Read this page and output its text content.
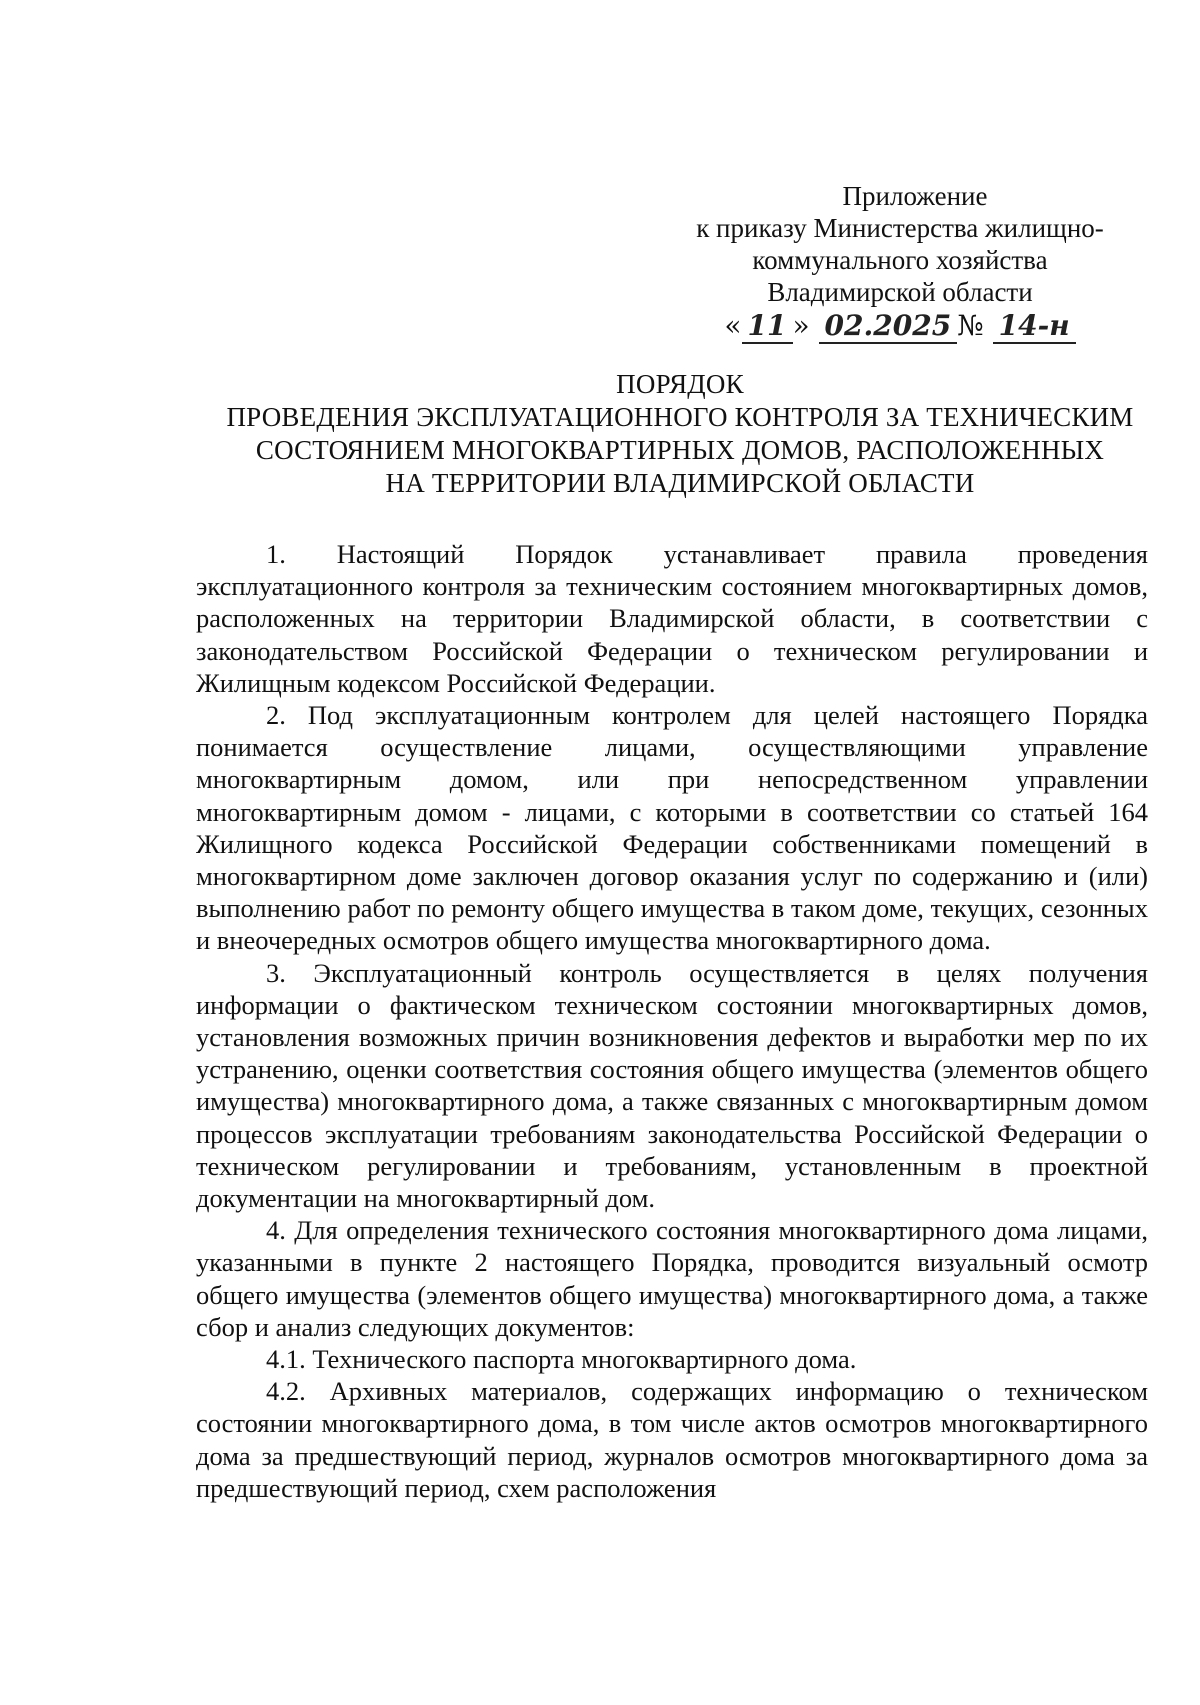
Приложение
к приказу Министерства жилищно-
коммунального хозяйства
Владимирской области
« 11 » 02.2025 № 14-н
ПОРЯДОК
ПРОВЕДЕНИЯ ЭКСПЛУАТАЦИОННОГО КОНТРОЛЯ ЗА ТЕХНИЧЕСКИМ
СОСТОЯНИЕМ МНОГОКВАРТИРНЫХ ДОМОВ, РАСПОЛОЖЕННЫХ
НА ТЕРРИТОРИИ ВЛАДИМИРСКОЙ ОБЛАСТИ

1. Настоящий Порядок устанавливает правила проведения эксплуатационного контроля за техническим состоянием многоквартирных домов, расположенных на территории Владимирской области, в соответствии с законодательством Российской Федерации о техническом регулировании и Жилищным кодексом Российской Федерации.

2. Под эксплуатационным контролем для целей настоящего Порядка понимается осуществление лицами, осуществляющими управление многоквартирным домом, или при непосредственном управлении многоквартирным домом - лицами, с которыми в соответствии со статьей 164 Жилищного кодекса Российской Федерации собственниками помещений в многоквартирном доме заключен договор оказания услуг по содержанию и (или) выполнению работ по ремонту общего имущества в таком доме, текущих, сезонных и внеочередных осмотров общего имущества многоквартирного дома.

3. Эксплуатационный контроль осуществляется в целях получения информации о фактическом техническом состоянии многоквартирных домов, установления возможных причин возникновения дефектов и выработки мер по их устранению, оценки соответствия состояния общего имущества (элементов общего имущества) многоквартирного дома, а также связанных с многоквартирным домом процессов эксплуатации требованиям законодательства Российской Федерации о техническом регулировании и требованиям, установленным в проектной документации на многоквартирный дом.

4. Для определения технического состояния многоквартирного дома лицами, указанными в пункте 2 настоящего Порядка, проводится визуальный осмотр общего имущества (элементов общего имущества) многоквартирного дома, а также сбор и анализ следующих документов:

4.1. Технического паспорта многоквартирного дома.

4.2. Архивных материалов, содержащих информацию о техническом состоянии многоквартирного дома, в том числе актов осмотров многоквартирного дома за предшествующий период, журналов осмотров многоквартирного дома за предшествующий период, схем расположения
